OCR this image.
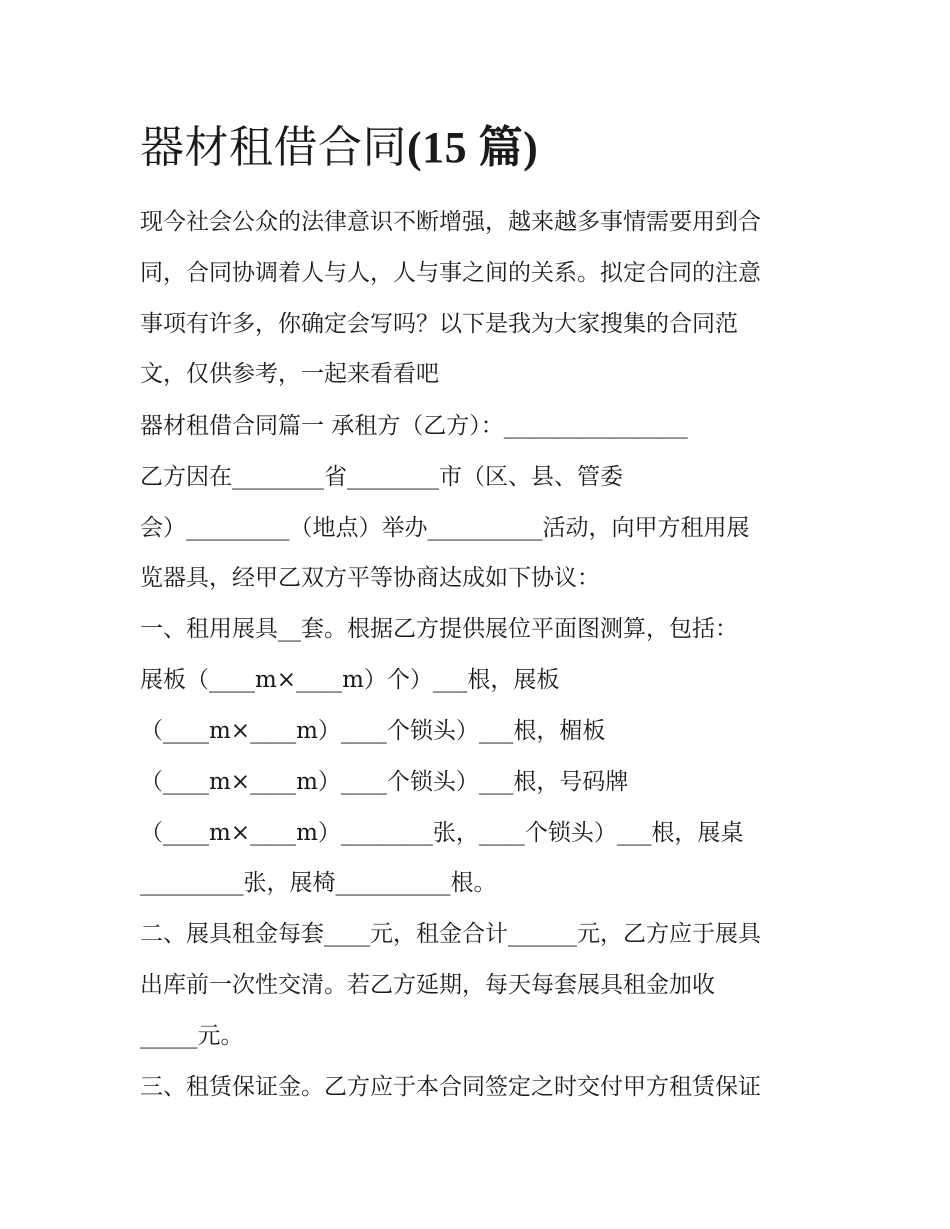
器材租借合同(15 篇)

现今社会公众的法律意识不断增强，越来越多事情需要用到合

同，合同协调着人与人，人与事之间的关系。拟定合同的注意

事项有许多，你确定会写吗？以下是我为大家搜集的合同范

文，仅供参考，一起来看看吧

器材租借合同篇一 承租方（乙方）：________________

乙方因在________省________市（区、县、管委

会）_________（地点）举办__________活动，向甲方租用展

览器具，经甲乙双方平等协商达成如下协议：

一、租用展具__套。根据乙方提供展位平面图测算，包括：

展板（____m×____m）个）___根，展板

（____m×____m）____个锁头）___根，楣板

（____m×____m）____个锁头）___根，号码牌

（____m×____m）________张，____个锁头）___根，展桌

_________张，展椅__________根。

二、展具租金每套____元，租金合计______元，乙方应于展具

出库前一次性交清。若乙方延期，每天每套展具租金加收

_____元。

三、租赁保证金。乙方应于本合同签定之时交付甲方租赁保证
